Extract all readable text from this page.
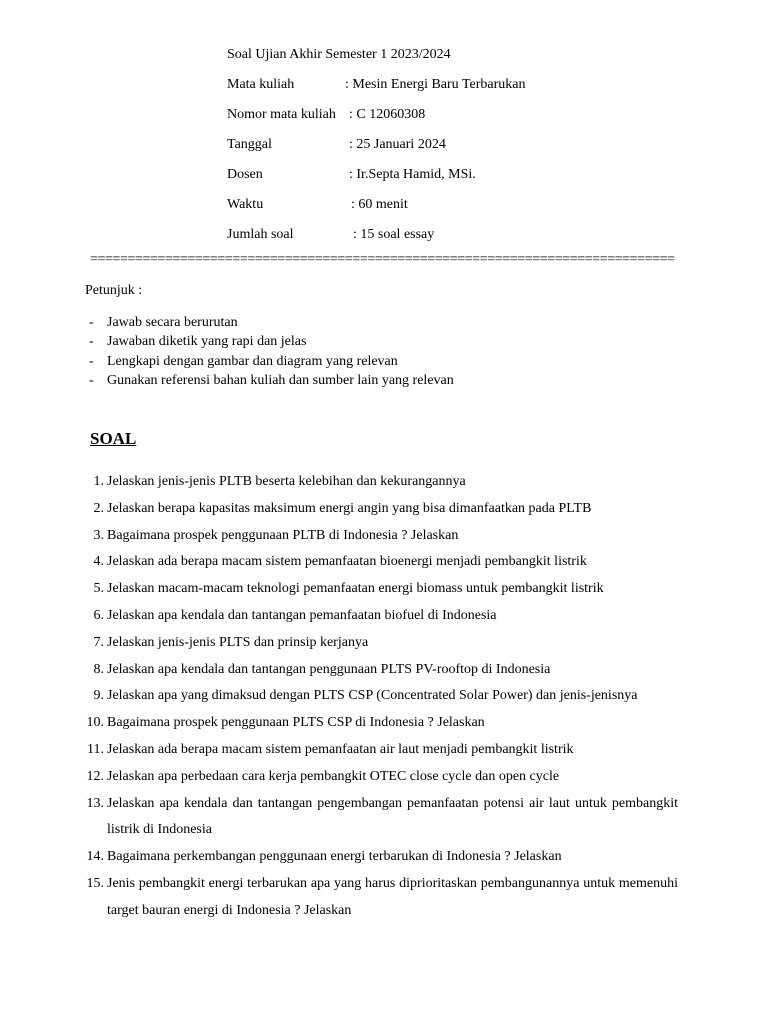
Soal Ujian Akhir Semester 1 2023/2024
Mata kuliah	: Mesin Energi Baru Terbarukan
Nomor mata kuliah : C 12060308
Tanggal	: 25 Januari 2024
Dosen	: Ir.Septa Hamid, MSi.
Waktu	: 60 menit
Jumlah soal	: 15 soal essay
==============================================================================
Petunjuk :
- Jawab secara berurutan
- Jawaban diketik yang rapi dan jelas
- Lengkapi dengan gambar dan diagram yang relevan
- Gunakan referensi bahan kuliah dan sumber lain yang relevan
SOAL
1. Jelaskan jenis-jenis PLTB beserta kelebihan dan kekurangannya
2. Jelaskan berapa kapasitas maksimum energi angin yang bisa dimanfaatkan pada PLTB
3. Bagaimana prospek penggunaan PLTB di Indonesia ? Jelaskan
4. Jelaskan ada berapa macam sistem pemanfaatan bioenergi menjadi pembangkit listrik
5. Jelaskan macam-macam teknologi pemanfaatan energi biomass untuk pembangkit listrik
6. Jelaskan apa kendala dan tantangan pemanfaatan biofuel di Indonesia
7. Jelaskan jenis-jenis PLTS dan prinsip kerjanya
8. Jelaskan apa kendala dan tantangan penggunaan PLTS PV-rooftop di Indonesia
9. Jelaskan apa yang dimaksud dengan PLTS CSP (Concentrated Solar Power) dan jenis-jenisnya
10. Bagaimana prospek penggunaan PLTS CSP di Indonesia ? Jelaskan
11. Jelaskan ada berapa macam sistem pemanfaatan air laut menjadi pembangkit listrik
12. Jelaskan apa perbedaan cara kerja pembangkit OTEC close cycle dan open cycle
13. Jelaskan apa kendala dan tantangan pengembangan pemanfaatan potensi air laut untuk pembangkit listrik di Indonesia
14. Bagaimana perkembangan penggunaan energi terbarukan di Indonesia ? Jelaskan
15. Jenis pembangkit energi terbarukan apa yang harus diprioritaskan pembangunannya untuk memenuhi target bauran energi di Indonesia ? Jelaskan
